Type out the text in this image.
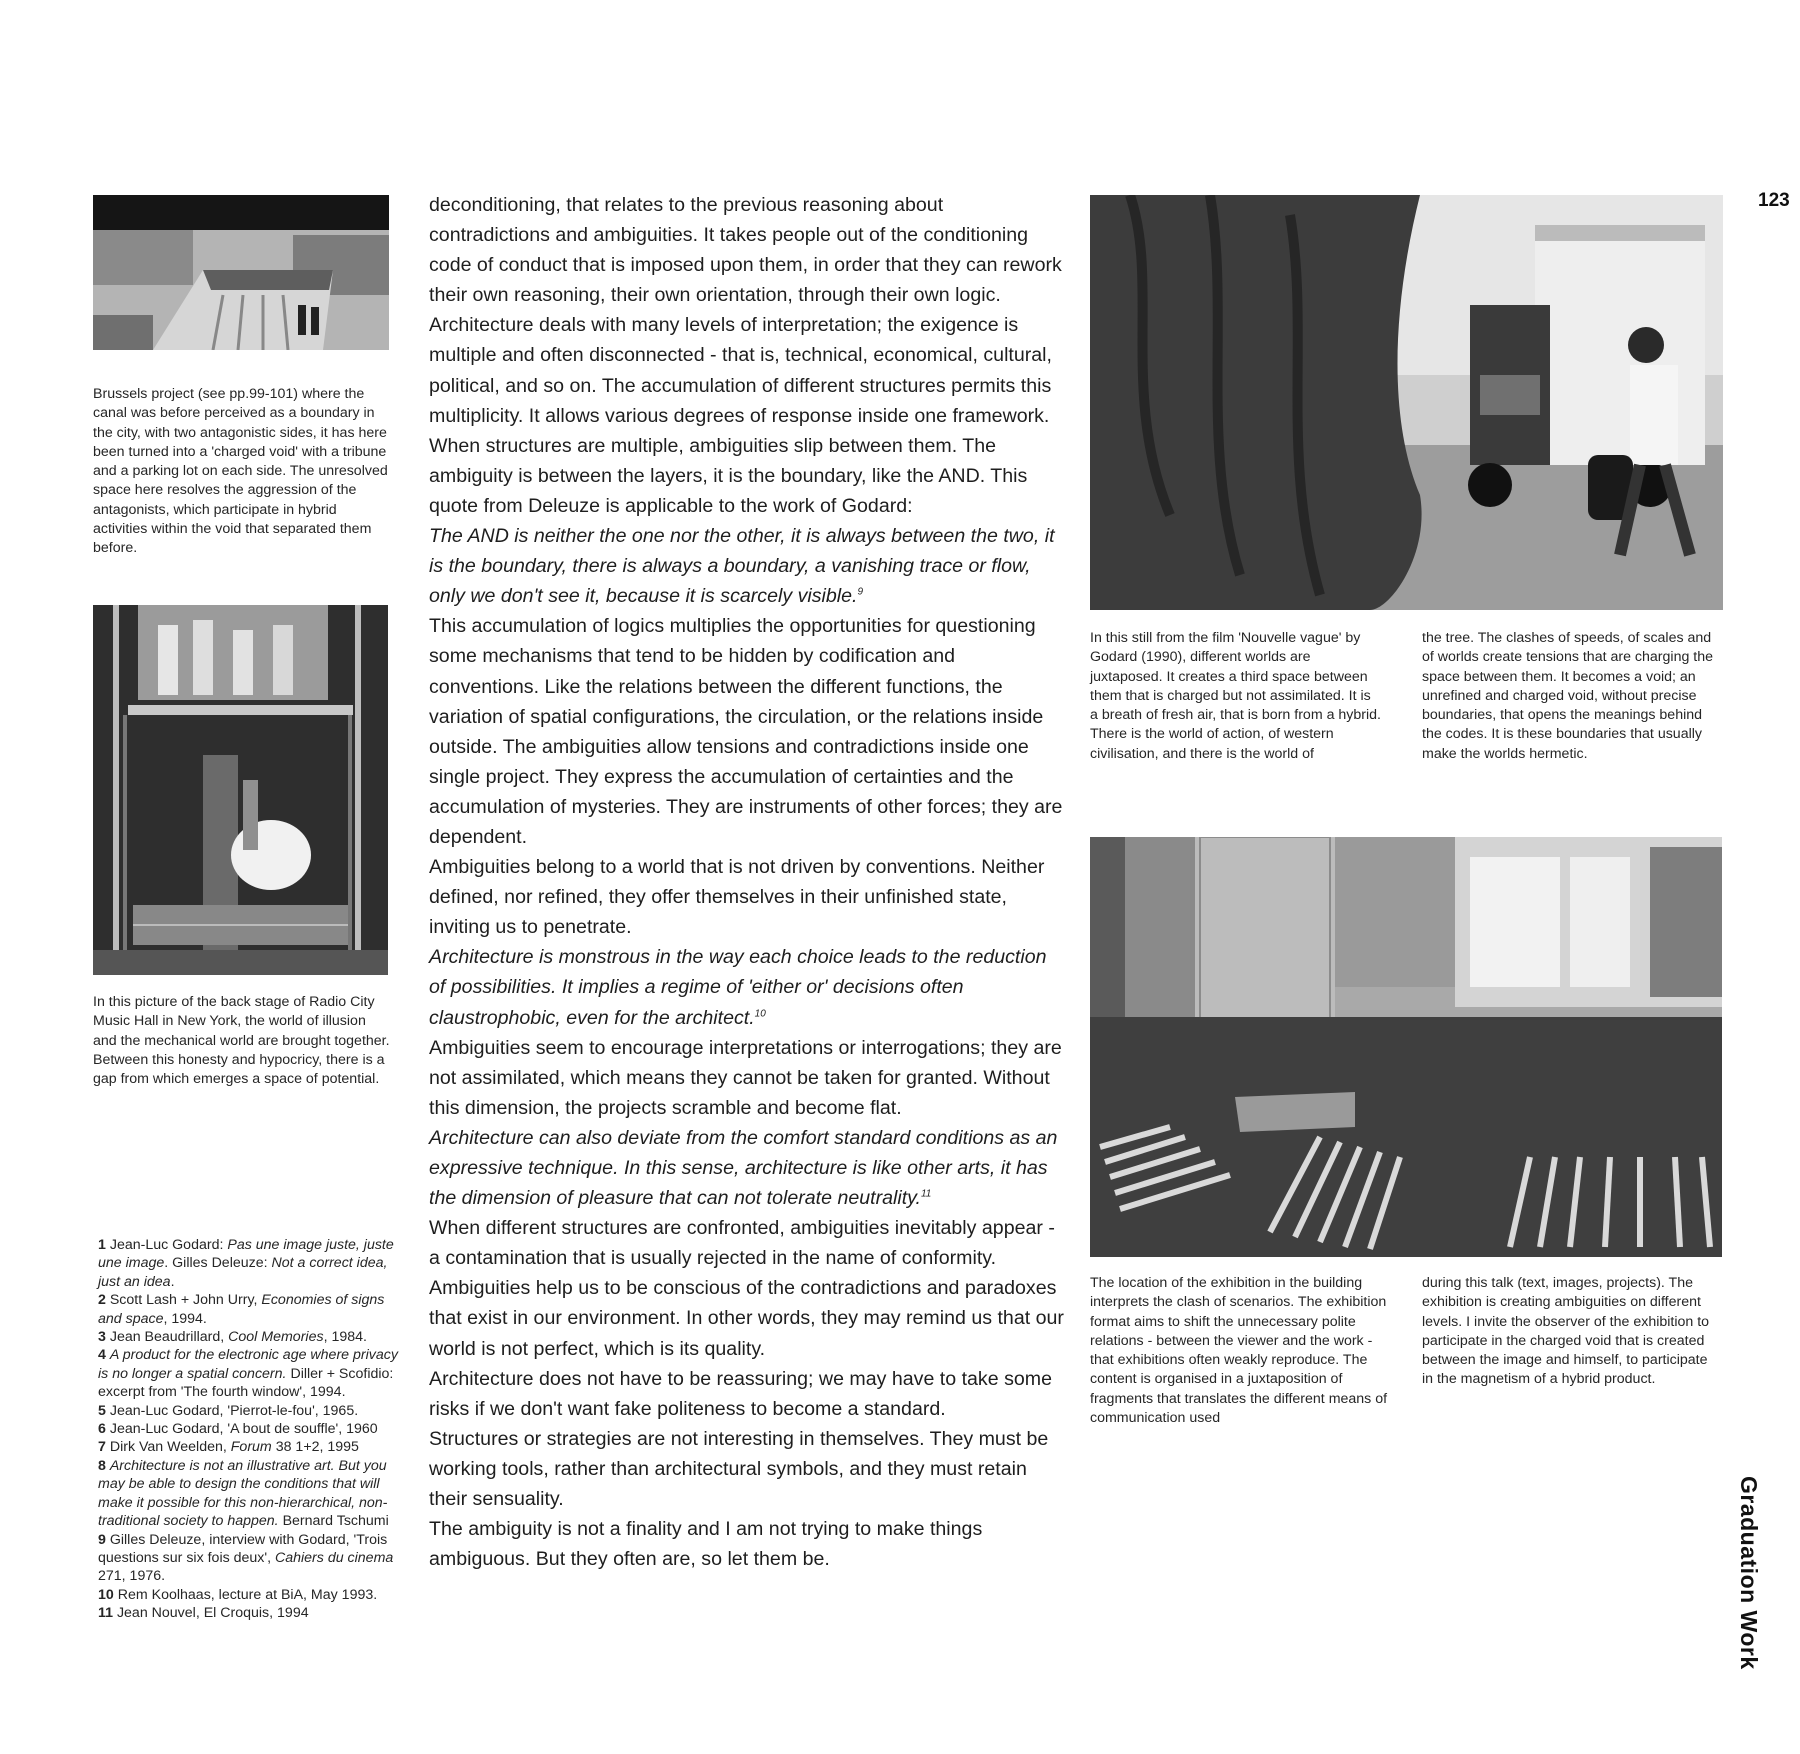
123
Graduation Work
Brussels project (see pp.99-101) where the canal was before perceived as a boundary in the city, with two antagonistic sides, it has here been turned into a 'charged void' with a tribune and a parking lot on each side. The unresolved space here resolves the aggression of the antagonists, which participate in hybrid activities within the void that separated them before.
In this picture of the back stage of Radio City Music Hall in New York, the world of illusion and the mechanical world are brought together. Between this honesty and hypocricy, there is a gap from which emerges a space of potential.

deconditioning, that relates to the previous reasoning about contradictions and ambiguities. It takes people out of the conditioning code of conduct that is imposed upon them, in order that they can rework their own reasoning, their own orientation, through their own logic.

Architecture deals with many levels of interpretation; the exigence is multiple and often disconnected - that is, technical, economical, cultural, political, and so on. The accumulation of different structures permits this multiplicity. It allows various degrees of response inside one framework. When structures are multiple, ambiguities slip between them. The ambiguity is between the layers, it is the boundary, like the AND. This quote from Deleuze is applicable to the work of Godard:

The AND is neither the one nor the other, it is always between the two, it is the boundary, there is always a boundary, a vanishing trace or flow, only we don't see it, because it is scarcely visible.$^9$

This accumulation of logics multiplies the opportunities for questioning some mechanisms that tend to be hidden by codification and conventions. Like the relations between the different functions, the variation of spatial configurations, the circulation, or the relations inside outside. The ambiguities allow tensions and contradictions inside one single project. They express the accumulation of certainties and the accumulation of mysteries. They are instruments of other forces; they are dependent.

Ambiguities belong to a world that is not driven by conventions. Neither defined, nor refined, they offer themselves in their unfinished state, inviting us to penetrate.

Architecture is monstrous in the way each choice leads to the reduction of possibilities. It implies a regime of 'either or' decisions often claustrophobic, even for the architect.$^{10}$

Ambiguities seem to encourage interpretations or interrogations; they are not assimilated, which means they cannot be taken for granted. Without this dimension, the projects scramble and become flat.

Architecture can also deviate from the comfort standard conditions as an expressive technique. In this sense, architecture is like other arts, it has the dimension of pleasure that can not tolerate neutrality.$^{11}$

When different structures are confronted, ambiguities inevitably appear - a contamination that is usually rejected in the name of conformity. Ambiguities help us to be conscious of the contradictions and paradoxes that exist in our environment. In other words, they may remind us that our world is not perfect, which is its quality.

Architecture does not have to be reassuring; we may have to take some risks if we don't want fake politeness to become a standard.

Structures or strategies are not interesting in themselves. They must be working tools, rather than architectural symbols, and they must retain their sensuality.

The ambiguity is not a finality and I am not trying to make things ambiguous. But they often are, so let them be.

In this still from the film 'Nouvelle vague' by Godard (1990), different worlds are juxtaposed. It creates a third space between them that is charged but not assimilated. It is a breath of fresh air, that is born from a hybrid. There is the world of action, of western civilisation, and there is the world of
the tree. The clashes of speeds, of scales and of worlds create tensions that are charging the space between them. It becomes a void; an unrefined and charged void, without precise boundaries, that opens the meanings behind the codes. It is these boundaries that usually make the worlds hermetic.
The location of the exhibition in the building interprets the clash of scenarios. The exhibition format aims to shift the unnecessary polite relations - between the viewer and the work - that exhibitions often weakly reproduce. The content is organised in a juxtaposition of fragments that translates the different means of communication used
during this talk (text, images, projects). The exhibition is creating ambiguities on different levels. I invite the observer of the exhibition to participate in the charged void that is created between the image and himself, to participate in the magnetism of a hybrid product.

1 Jean-Luc Godard: Pas une image juste, juste une image. Gilles Deleuze: Not a correct idea, just an idea.

2 Scott Lash + John Urry, Economies of signs and space, 1994.

3 Jean Beaudrillard, Cool Memories, 1984.

4 A product for the electronic age where privacy is no longer a spatial concern. Diller + Scofidio: excerpt from 'The fourth window', 1994.

5 Jean-Luc Godard, 'Pierrot-le-fou', 1965.

6 Jean-Luc Godard, 'A bout de souffle', 1960

7 Dirk Van Weelden, Forum 38 1+2, 1995

8 Architecture is not an illustrative art. But you may be able to design the conditions that will make it possible for this non-hierarchical, non-traditional society to happen. Bernard Tschumi

9 Gilles Deleuze, interview with Godard, 'Trois questions sur six fois deux', Cahiers du cinema 271, 1976.

10 Rem Koolhaas, lecture at BiA, May 1993.

11 Jean Nouvel, El Croquis, 1994
